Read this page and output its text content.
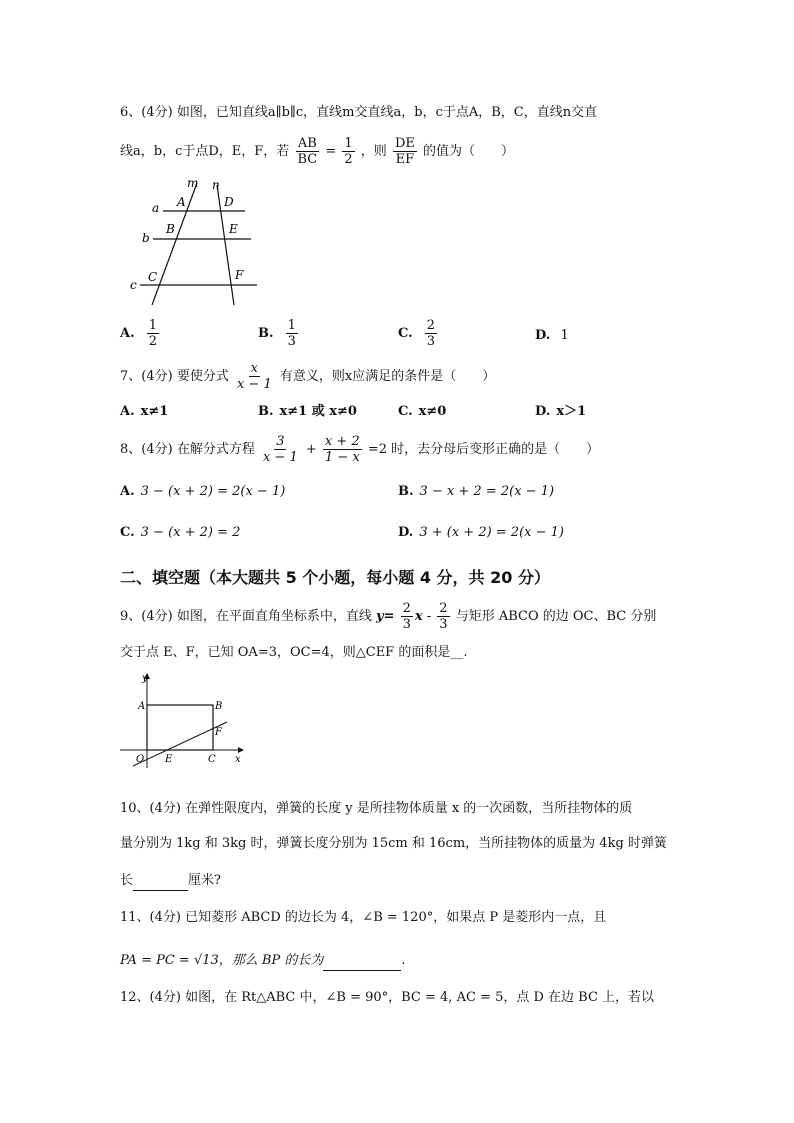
6、(4分) 如图，已知直线a∥b∥c，直线m交直线a，b，c于点A，B，C，直线n交直
线a，b，c于点D，E，F，若 $\frac{AB}{BC} = \frac{1}{2}$ ，则 $\frac{DE}{EF}$ 的值为（　　）
m n
a
b
c
A
B
C
D
E
F
A. $\frac{1}{2}$	B. $\frac{1}{3}$	C. $\frac{2}{3}$	D. 1
7、(4分) 要使分式 $\frac{x}{x - 1}$ 有意义，则x应满足的条件是（　　）
A. x≠1	B. x≠1 或 x≠0	C. x≠0	D. x＞1
8、(4分) 在解分式方程 $\frac{3}{x - 1} + \frac{x + 2}{1 - x} =2$ 时，去分母后变形正确的是（　　）
A. 3 − (x + 2) = 2(x − 1)	B. 3 − x + 2 = 2(x − 1)
C. 3 − (x + 2) = 2	D. 3 + (x + 2) = 2(x − 1)
二、填空题（本大题共 5 个小题，每小题 4 分，共 20 分）
9、(4分) 如图，在平面直角坐标系中，直线 $y= \frac{2}{3}$ x - $\frac{2}{3}$ 与矩形 ABCO 的边 OC、BC 分别
交于点 E、F，已知 OA=3，OC=4，则△CEF 的面积是__.
y
x
A	B
F
O E	C
10、(4分) 在弹性限度内，弹簧的长度 y 是所挂物体质量 x 的一次函数，当所挂物体的质
量分别为 1kg 和 3kg 时，弹簧长度分别为 15cm 和 16cm，当所挂物体的质量为 4kg 时弹簧
长	厘米?
11、(4分) 已知菱形 ABCD 的边长为 4，∠B = 120°，如果点 P 是菱形内一点，且
PA = PC = √13，那么 BP 的长为	.
12、(4分) 如图，在 Rt△ABC 中，∠B = 90°，BC = 4, AC = 5，点 D 在边 BC 上，若以
